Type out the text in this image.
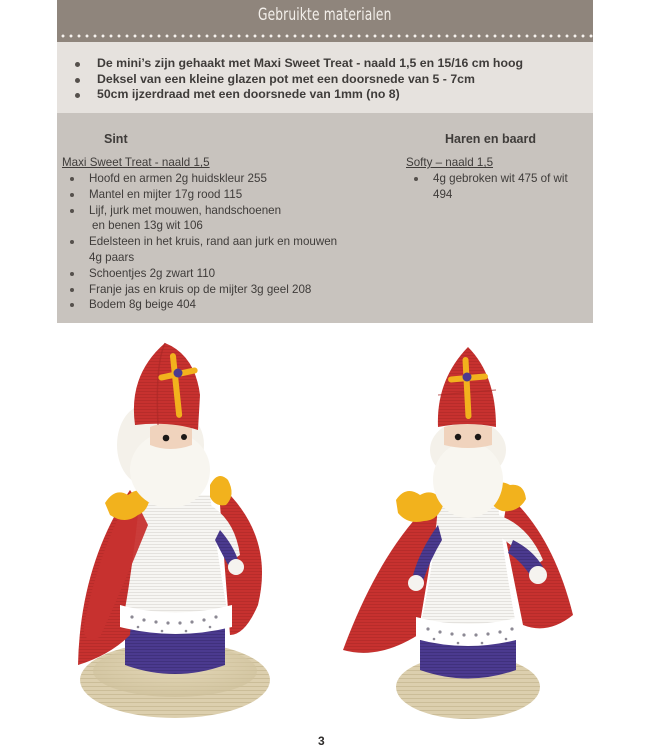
Gebruikte materialen
De mini’s zijn gehaakt met Maxi Sweet Treat - naald 1,5 en 15/16 cm hoog
Deksel van een kleine glazen pot met een doorsnede van 5 - 7cm
50cm ijzerdraad met een doorsnede van 1mm (no 8)
Sint
Maxi Sweet Treat - naald 1,5
Hoofd en armen 2g huidskleur 255
Mantel en mijter 17g rood 115
Lijf, jurk met mouwen, handschoenen
en benen 13g wit 106
Edelsteen in het kruis, rand aan jurk en mouwen
4g paars
Schoentjes 2g zwart 110
Franje jas en kruis op de mijter 3g geel 208
Bodem 8g beige 404
Haren en baard
Softy – naald 1,5
4g gebroken wit 475 of wit
494
3
